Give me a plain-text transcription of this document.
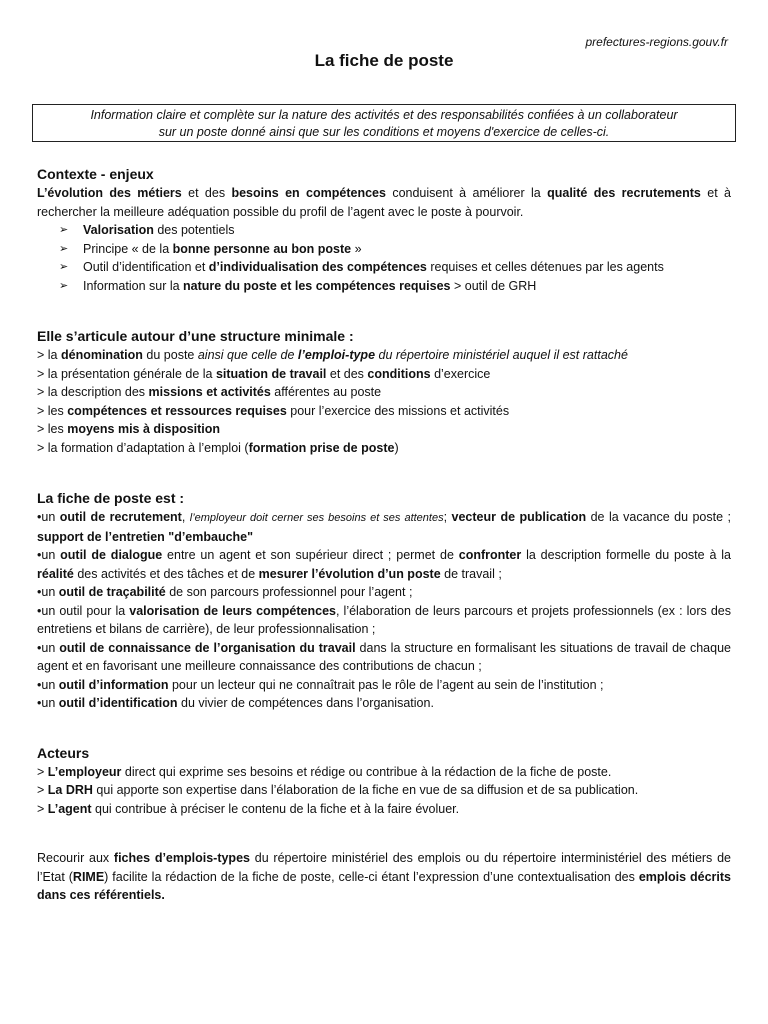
prefectures-regions.gouv.fr
La fiche de poste
Information claire et complète sur la nature des activités et des responsabilités confiées à un collaborateur
sur un poste donné ainsi que sur les conditions et moyens d'exercice de celles-ci.
Contexte - enjeux

L’évolution des métiers et des besoins en compétences conduisent à améliorer la qualité des recrutements et à rechercher la meilleure adéquation possible du profil de l’agent avec le poste à pourvoir.

➢ Valorisation des potentiels
➢ Principe « de la bonne personne au bon poste »
➢ Outil d’identification et d’individualisation des compétences requises et celles détenues par les agents
➢ Information sur la nature du poste et les compétences requises > outil de GRH
Elle s’articule autour d’une structure minimale :
> la dénomination du poste ainsi que celle de l’emploi-type du répertoire ministériel auquel il est rattaché
> la présentation générale de la situation de travail et des conditions d’exercice
> la description des missions et activités afférentes au poste
> les compétences et ressources requises pour l’exercice des missions et activités
> les moyens mis à disposition
> la formation d’adaptation à l’emploi (formation prise de poste)
La fiche de poste est :

•un outil de recrutement, l’employeur doit cerner ses besoins et ses attentes; vecteur de publication de la vacance du poste ; support de l’entretien "d’embauche"

•un outil de dialogue entre un agent et son supérieur direct ; permet de confronter la description formelle du poste à la réalité des activités et des tâches et de mesurer l’évolution d’un poste de travail ;

•un outil de traçabilité de son parcours professionnel pour l’agent ;

•un outil pour la valorisation de leurs compétences, l’élaboration de leurs parcours et projets professionnels (ex : lors des entretiens et bilans de carrière), de leur professionnalisation ;

•un outil de connaissance de l’organisation du travail dans la structure en formalisant les situations de travail de chaque agent et en favorisant une meilleure connaissance des contributions de chacun ;

•un outil d’information pour un lecteur qui ne connaîtrait pas le rôle de l’agent au sein de l’institution ;

•un outil d’identification du vivier de compétences dans l’organisation.

Acteurs
> L’employeur direct qui exprime ses besoins et rédige ou contribue à la rédaction de la fiche de poste.
> La DRH qui apporte son expertise dans l’élaboration de la fiche en vue de sa diffusion et de sa publication.
> L’agent qui contribue à préciser le contenu de la fiche et à la faire évoluer.

Recourir aux fiches d’emplois-types du répertoire ministériel des emplois ou du répertoire interministériel des métiers de l’Etat (RIME) facilite la rédaction de la fiche de poste, celle-ci étant l’expression d’une contextualisation des emplois décrits dans ces référentiels.
